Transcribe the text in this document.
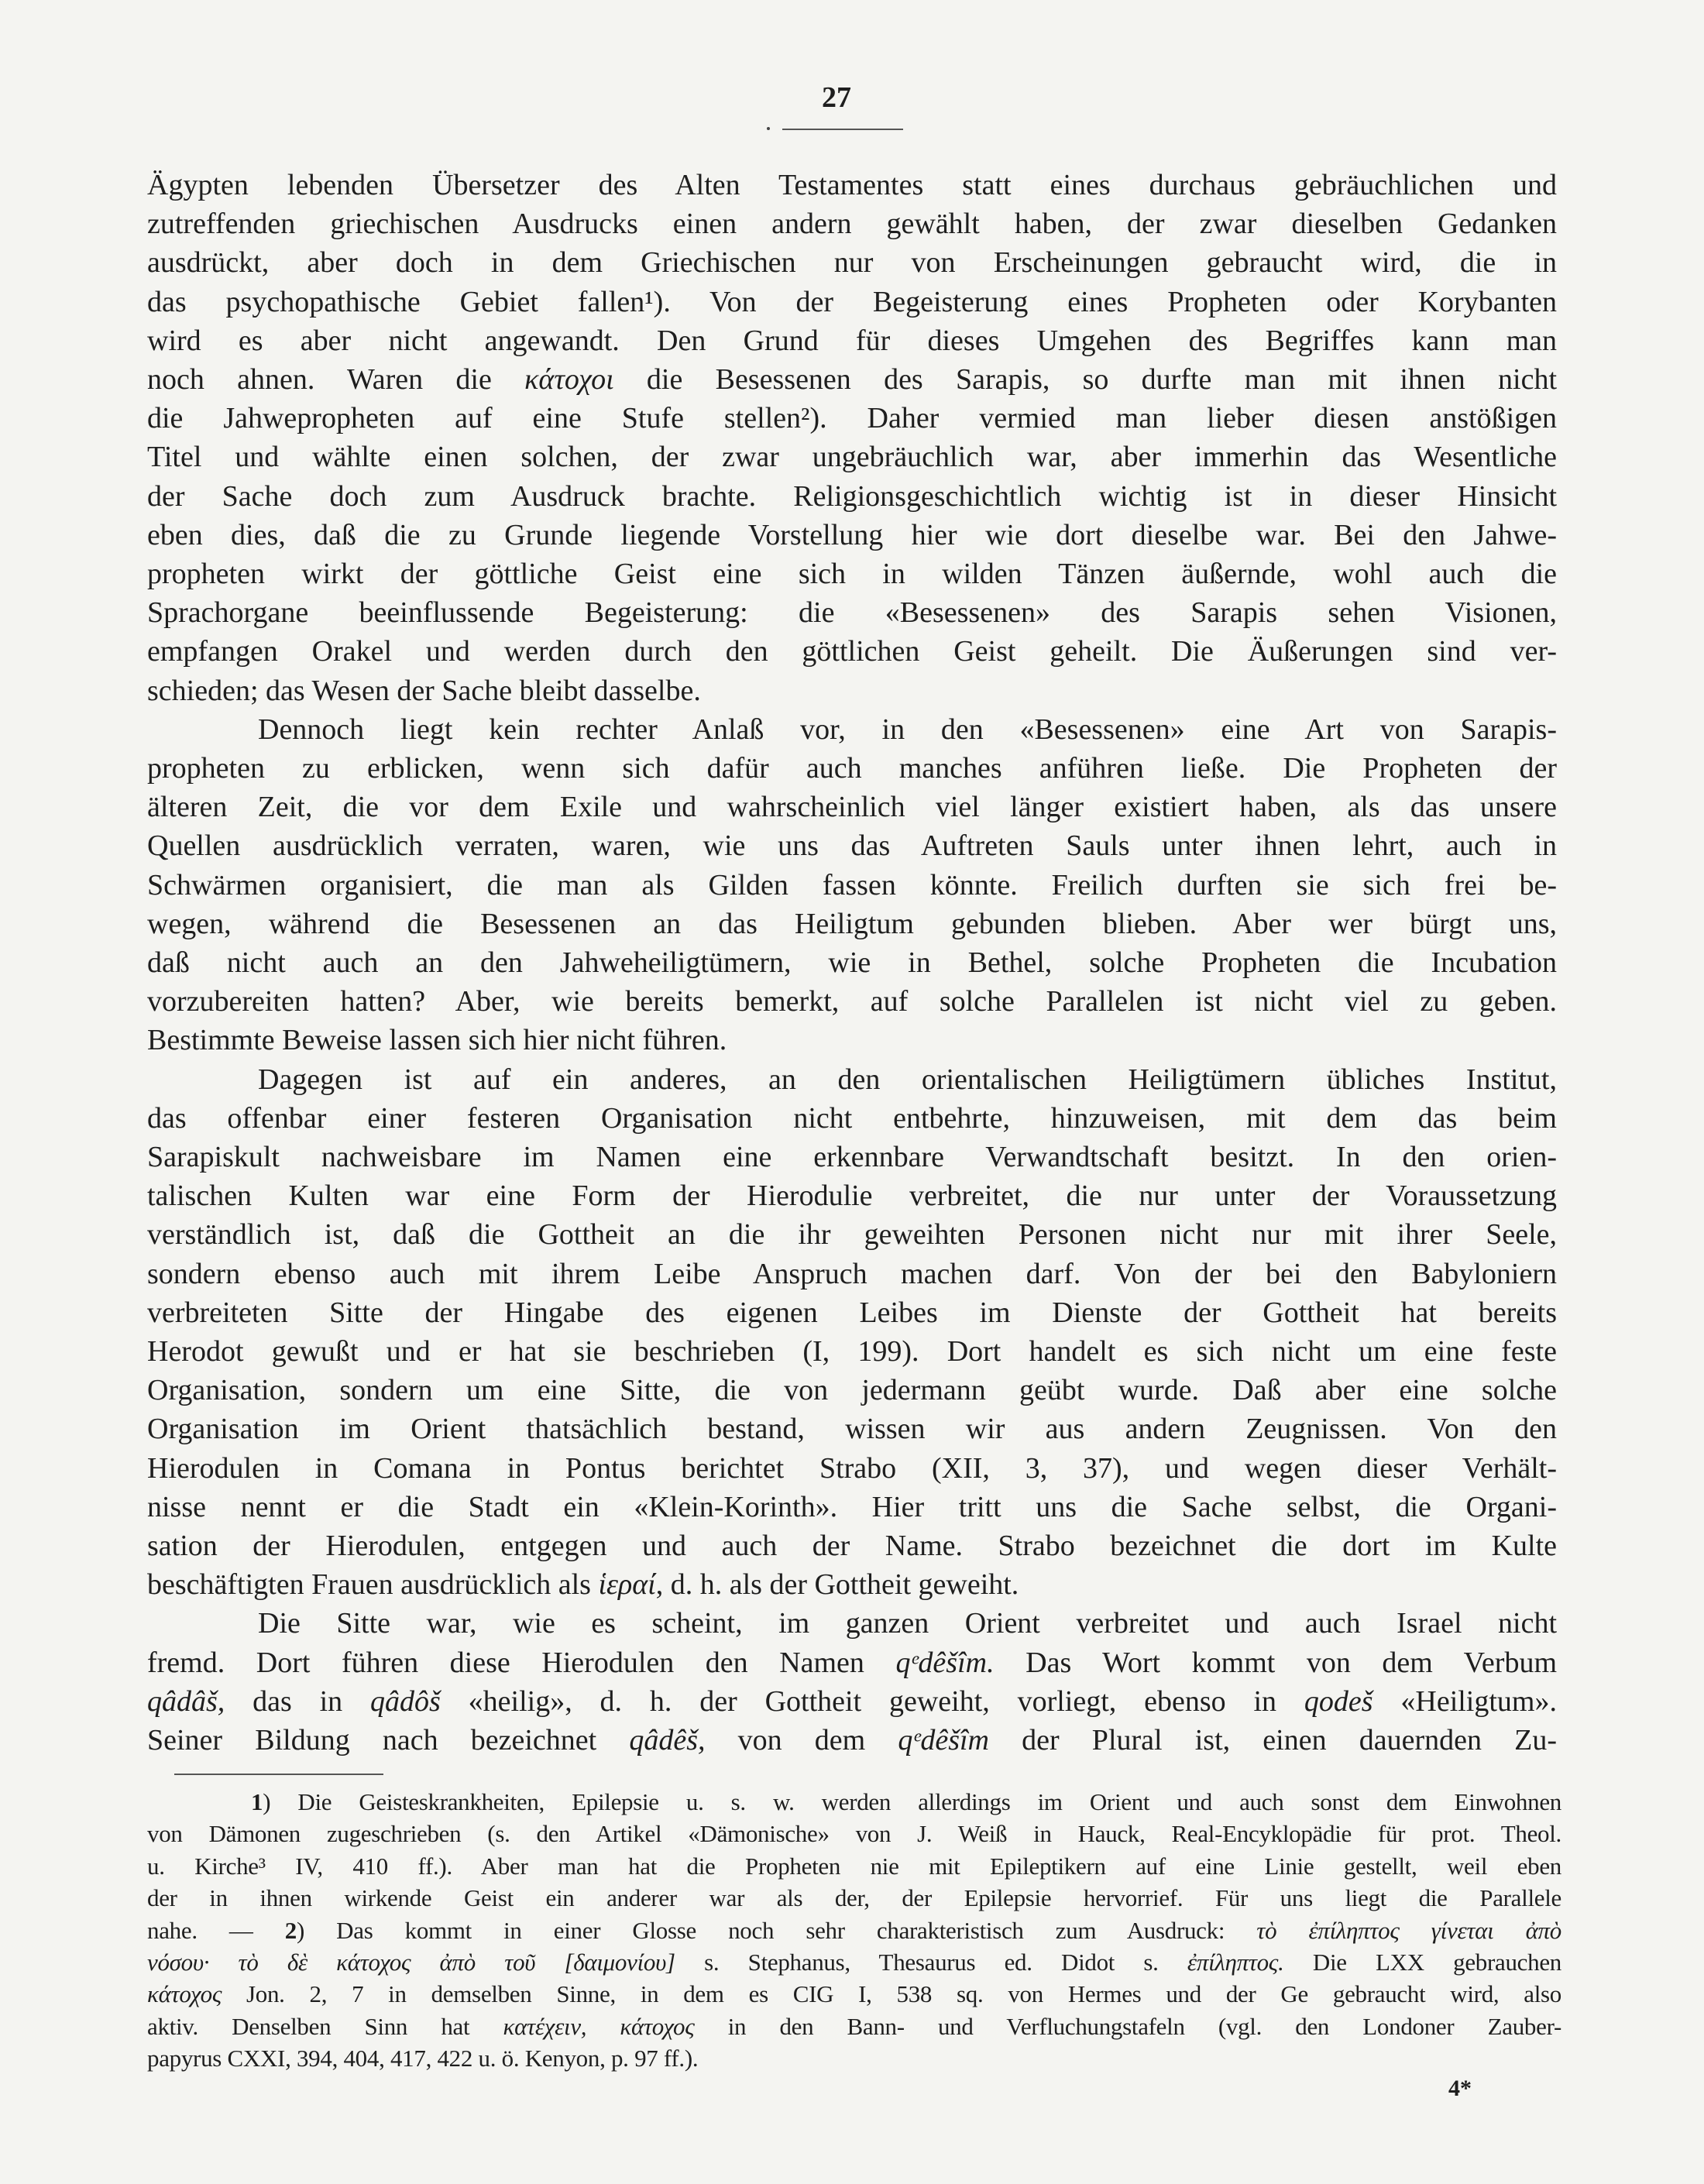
27
Ägypten lebenden Übersetzer des Alten Testamentes statt eines durchaus gebräuchlichen und
zutreffenden griechischen Ausdrucks einen andern gewählt haben, der zwar dieselben Gedanken
ausdrückt, aber doch in dem Griechischen nur von Erscheinungen gebraucht wird, die in
das psychopathische Gebiet fallen¹). Von der Begeisterung eines Propheten oder Korybanten
wird es aber nicht angewandt. Den Grund für dieses Umgehen des Begriffes kann man
noch ahnen. Waren die κάτοχοι die Besessenen des Sarapis, so durfte man mit ihnen nicht
die Jahwepropheten auf eine Stufe stellen²). Daher vermied man lieber diesen anstößigen
Titel und wählte einen solchen, der zwar ungebräuchlich war, aber immerhin das Wesentliche
der Sache doch zum Ausdruck brachte. Religionsgeschichtlich wichtig ist in dieser Hinsicht
eben dies, daß die zu Grunde liegende Vorstellung hier wie dort dieselbe war. Bei den Jahwe-
propheten wirkt der göttliche Geist eine sich in wilden Tänzen äußernde, wohl auch die
Sprachorgane beeinflussende Begeisterung: die «Besessenen» des Sarapis sehen Visionen,
empfangen Orakel und werden durch den göttlichen Geist geheilt. Die Äußerungen sind ver-
schieden; das Wesen der Sache bleibt dasselbe.
Dennoch liegt kein rechter Anlaß vor, in den «Besessenen» eine Art von Sarapis-
propheten zu erblicken, wenn sich dafür auch manches anführen ließe. Die Propheten der
älteren Zeit, die vor dem Exile und wahrscheinlich viel länger existiert haben, als das unsere
Quellen ausdrücklich verraten, waren, wie uns das Auftreten Sauls unter ihnen lehrt, auch in
Schwärmen organisiert, die man als Gilden fassen könnte. Freilich durften sie sich frei be-
wegen, während die Besessenen an das Heiligtum gebunden blieben. Aber wer bürgt uns,
daß nicht auch an den Jahweheiligtümern, wie in Bethel, solche Propheten die Incubation
vorzubereiten hatten? Aber, wie bereits bemerkt, auf solche Parallelen ist nicht viel zu geben.
Bestimmte Beweise lassen sich hier nicht führen.
Dagegen ist auf ein anderes, an den orientalischen Heiligtümern übliches Institut,
das offenbar einer festeren Organisation nicht entbehrte, hinzuweisen, mit dem das beim
Sarapiskult nachweisbare im Namen eine erkennbare Verwandtschaft besitzt. In den orien-
talischen Kulten war eine Form der Hierodulie verbreitet, die nur unter der Voraussetzung
verständlich ist, daß die Gottheit an die ihr geweihten Personen nicht nur mit ihrer Seele,
sondern ebenso auch mit ihrem Leibe Anspruch machen darf. Von der bei den Babyloniern
verbreiteten Sitte der Hingabe des eigenen Leibes im Dienste der Gottheit hat bereits
Herodot gewußt und er hat sie beschrieben (I, 199). Dort handelt es sich nicht um eine feste
Organisation, sondern um eine Sitte, die von jedermann geübt wurde. Daß aber eine solche
Organisation im Orient thatsächlich bestand, wissen wir aus andern Zeugnissen. Von den
Hierodulen in Comana in Pontus berichtet Strabo (XII, 3, 37), und wegen dieser Verhält-
nisse nennt er die Stadt ein «Klein-Korinth». Hier tritt uns die Sache selbst, die Organi-
sation der Hierodulen, entgegen und auch der Name. Strabo bezeichnet die dort im Kulte
beschäftigten Frauen ausdrücklich als ἱεραί, d. h. als der Gottheit geweiht.
Die Sitte war, wie es scheint, im ganzen Orient verbreitet und auch Israel nicht
fremd. Dort führen diese Hierodulen den Namen qᵉdêšîm. Das Wort kommt von dem Verbum
qâdâš, das in qâdôš «heilig», d. h. der Gottheit geweiht, vorliegt, ebenso in qodeš «Heiligtum».
Seiner Bildung nach bezeichnet qâdêš, von dem qᵉdêšîm der Plural ist, einen dauernden Zu-
1) Die Geisteskrankheiten, Epilepsie u. s. w. werden allerdings im Orient und auch sonst dem Einwohnen
von Dämonen zugeschrieben (s. den Artikel «Dämonische» von J. Weiß in Hauck, Real-Encyklopädie für prot. Theol.
u. Kirche³ IV, 410 ff.). Aber man hat die Propheten nie mit Epileptikern auf eine Linie gestellt, weil eben
der in ihnen wirkende Geist ein anderer war als der, der Epilepsie hervorrief. Für uns liegt die Parallele
nahe. — 2) Das kommt in einer Glosse noch sehr charakteristisch zum Ausdruck: τὸ ἐπίληπτος γίνεται ἀπὸ
νόσου· τὸ δὲ κάτοχος ἀπὸ τοῦ [δαιμονίου] s. Stephanus, Thesaurus ed. Didot s. ἐπίληπτος. Die LXX gebrauchen
κάτοχος Jon. 2, 7 in demselben Sinne, in dem es CIG I, 538 sq. von Hermes und der Ge gebraucht wird, also
aktiv. Denselben Sinn hat κατέχειν, κάτοχος in den Bann- und Verfluchungstafeln (vgl. den Londoner Zauber-
papyrus CXXI, 394, 404, 417, 422 u. ö. Kenyon, p. 97 ff.).
4*
